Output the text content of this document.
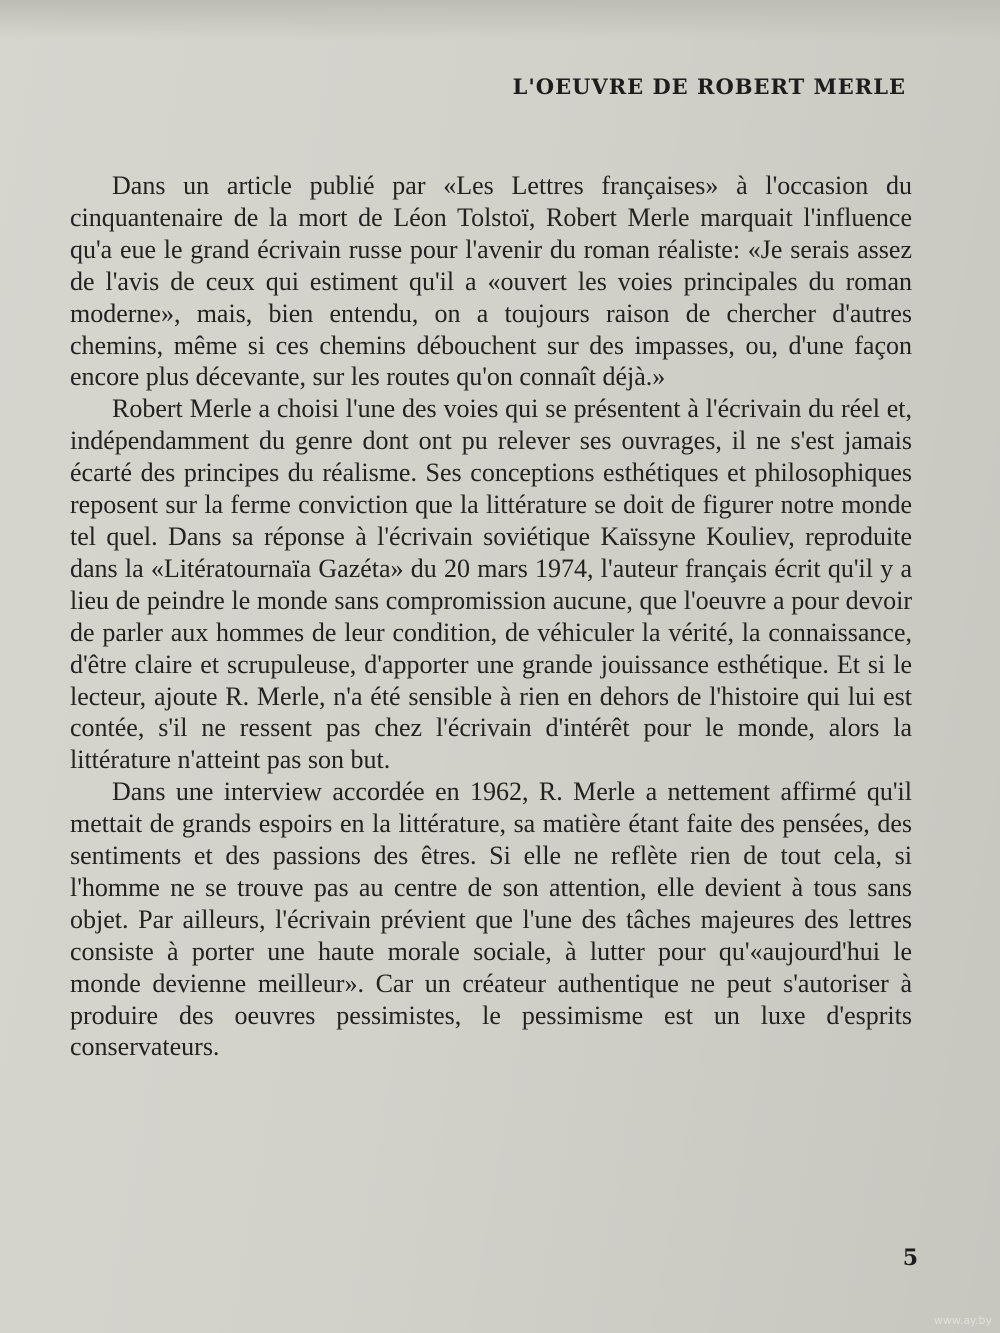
L'OEUVRE DE ROBERT MERLE

Dans un article publié par «Les Lettres françaises» à l'occasion du cinquantenaire de la mort de Léon Tolstoï, Robert Merle marquait l'influence qu'a eue le grand écrivain russe pour l'avenir du roman réaliste: «Je serais assez de l'avis de ceux qui estiment qu'il a «ouvert les voies principales du roman moderne», mais, bien entendu, on a toujours raison de chercher d'autres chemins, même si ces chemins débouchent sur des impasses, ou, d'une façon encore plus décevante, sur les routes qu'on connaît déjà.»

Robert Merle a choisi l'une des voies qui se présentent à l'écrivain du réel et, indépendamment du genre dont ont pu relever ses ouvrages, il ne s'est jamais écarté des principes du réalisme. Ses conceptions esthétiques et philosophiques reposent sur la ferme conviction que la littérature se doit de figurer notre monde tel quel. Dans sa réponse à l'écrivain soviétique Kaïssyne Kouliev, reproduite dans la «Litératournaïa Gazéta» du 20 mars 1974, l'auteur français écrit qu'il y a lieu de peindre le monde sans compromission aucune, que l'oeuvre a pour devoir de parler aux hommes de leur condition, de véhiculer la vérité, la connaissance, d'être claire et scrupuleuse, d'apporter une grande jouissance esthétique. Et si le lecteur, ajoute R. Merle, n'a été sensible à rien en dehors de l'histoire qui lui est contée, s'il ne ressent pas chez l'écrivain d'intérêt pour le monde, alors la littérature n'atteint pas son but.

Dans une interview accordée en 1962, R. Merle a nettement affirmé qu'il mettait de grands espoirs en la littérature, sa matière étant faite des pensées, des sentiments et des passions des êtres. Si elle ne reflète rien de tout cela, si l'homme ne se trouve pas au centre de son attention, elle devient à tous sans objet. Par ailleurs, l'écrivain prévient que l'une des tâches majeures des lettres consiste à porter une haute morale sociale, à lutter pour qu'«aujourd'hui le monde devienne meilleur». Car un créateur authentique ne peut s'autoriser à produire des oeuvres pessimistes, le pessimisme est un luxe d'esprits conservateurs.

5
www.ay.by
